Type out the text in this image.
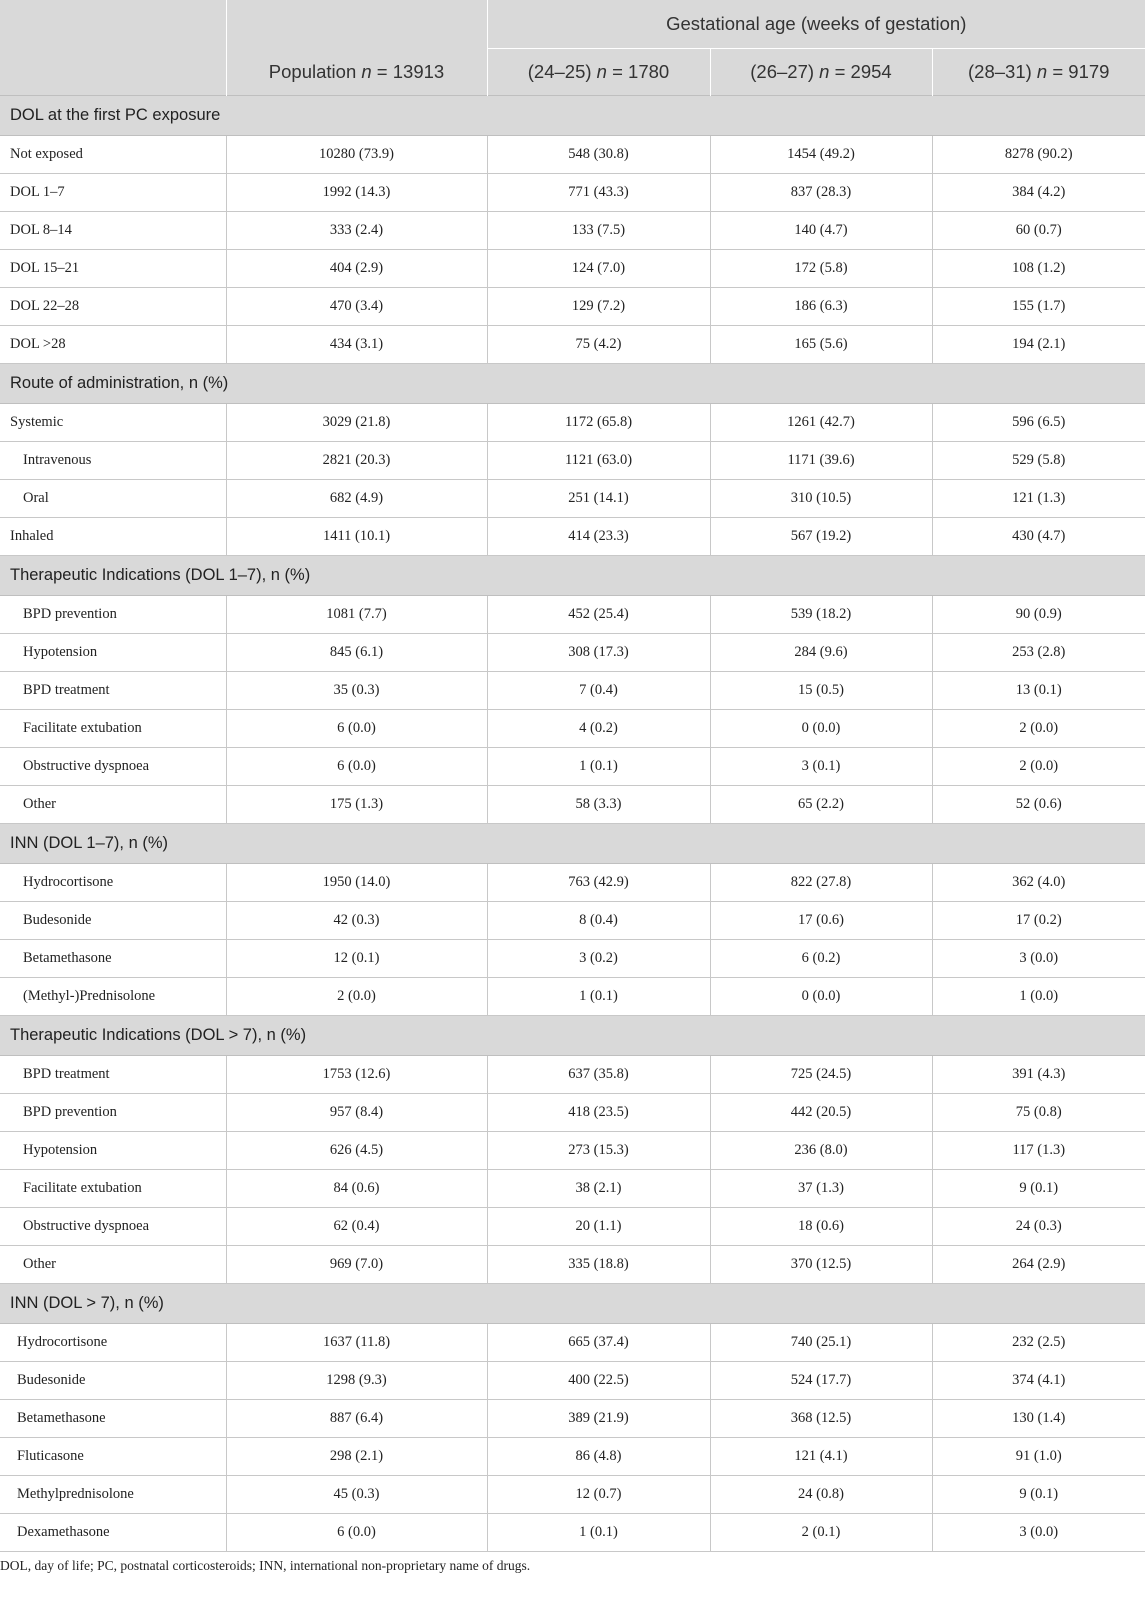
		Gestational age (weeks of gestation)		
	Population n = 13913	(24–25) n = 1780	(26–27) n = 2954	(28–31) n = 9179
DOL at the first PC exposure				
Not exposed	10280 (73.9)	548 (30.8)	1454 (49.2)	8278 (90.2)
DOL 1–7	1992 (14.3)	771 (43.3)	837 (28.3)	384 (4.2)
DOL 8–14	333 (2.4)	133 (7.5)	140 (4.7)	60 (0.7)
DOL 15–21	404 (2.9)	124 (7.0)	172 (5.8)	108 (1.2)
DOL 22–28	470 (3.4)	129 (7.2)	186 (6.3)	155 (1.7)
DOL >28	434 (3.1)	75 (4.2)	165 (5.6)	194 (2.1)
Route of administration, n (%)				
Systemic	3029 (21.8)	1172 (65.8)	1261 (42.7)	596 (6.5)
Intravenous	2821 (20.3)	1121 (63.0)	1171 (39.6)	529 (5.8)
Oral	682 (4.9)	251 (14.1)	310 (10.5)	121 (1.3)
Inhaled	1411 (10.1)	414 (23.3)	567 (19.2)	430 (4.7)
Therapeutic Indications (DOL 1–7), n (%)				
BPD prevention	1081 (7.7)	452 (25.4)	539 (18.2)	90 (0.9)
Hypotension	845 (6.1)	308 (17.3)	284 (9.6)	253 (2.8)
BPD treatment	35 (0.3)	7 (0.4)	15 (0.5)	13 (0.1)
Facilitate extubation	6 (0.0)	4 (0.2)	0 (0.0)	2 (0.0)
Obstructive dyspnoea	6 (0.0)	1 (0.1)	3 (0.1)	2 (0.0)
Other	175 (1.3)	58 (3.3)	65 (2.2)	52 (0.6)
INN (DOL 1–7), n (%)				
Hydrocortisone	1950 (14.0)	763 (42.9)	822 (27.8)	362 (4.0)
Budesonide	42 (0.3)	8 (0.4)	17 (0.6)	17 (0.2)
Betamethasone	12 (0.1)	3 (0.2)	6 (0.2)	3 (0.0)
(Methyl-)Prednisolone	2 (0.0)	1 (0.1)	0 (0.0)	1 (0.0)
Therapeutic Indications (DOL > 7), n (%)				
BPD treatment	1753 (12.6)	637 (35.8)	725 (24.5)	391 (4.3)
BPD prevention	957 (8.4)	418 (23.5)	442 (20.5)	75 (0.8)
Hypotension	626 (4.5)	273 (15.3)	236 (8.0)	117 (1.3)
Facilitate extubation	84 (0.6)	38 (2.1)	37 (1.3)	9 (0.1)
Obstructive dyspnoea	62 (0.4)	20 (1.1)	18 (0.6)	24 (0.3)
Other	969 (7.0)	335 (18.8)	370 (12.5)	264 (2.9)
INN (DOL > 7), n (%)				
Hydrocortisone	1637 (11.8)	665 (37.4)	740 (25.1)	232 (2.5)
Budesonide	1298 (9.3)	400 (22.5)	524 (17.7)	374 (4.1)
Betamethasone	887 (6.4)	389 (21.9)	368 (12.5)	130 (1.4)
Fluticasone	298 (2.1)	86 (4.8)	121 (4.1)	91 (1.0)
Methylprednisolone	45 (0.3)	12 (0.7)	24 (0.8)	9 (0.1)
Dexamethasone	6 (0.0)	1 (0.1)	2 (0.1)	3 (0.0)
DOL, day of life; PC, postnatal corticosteroids; INN, international non-proprietary name of drugs.
